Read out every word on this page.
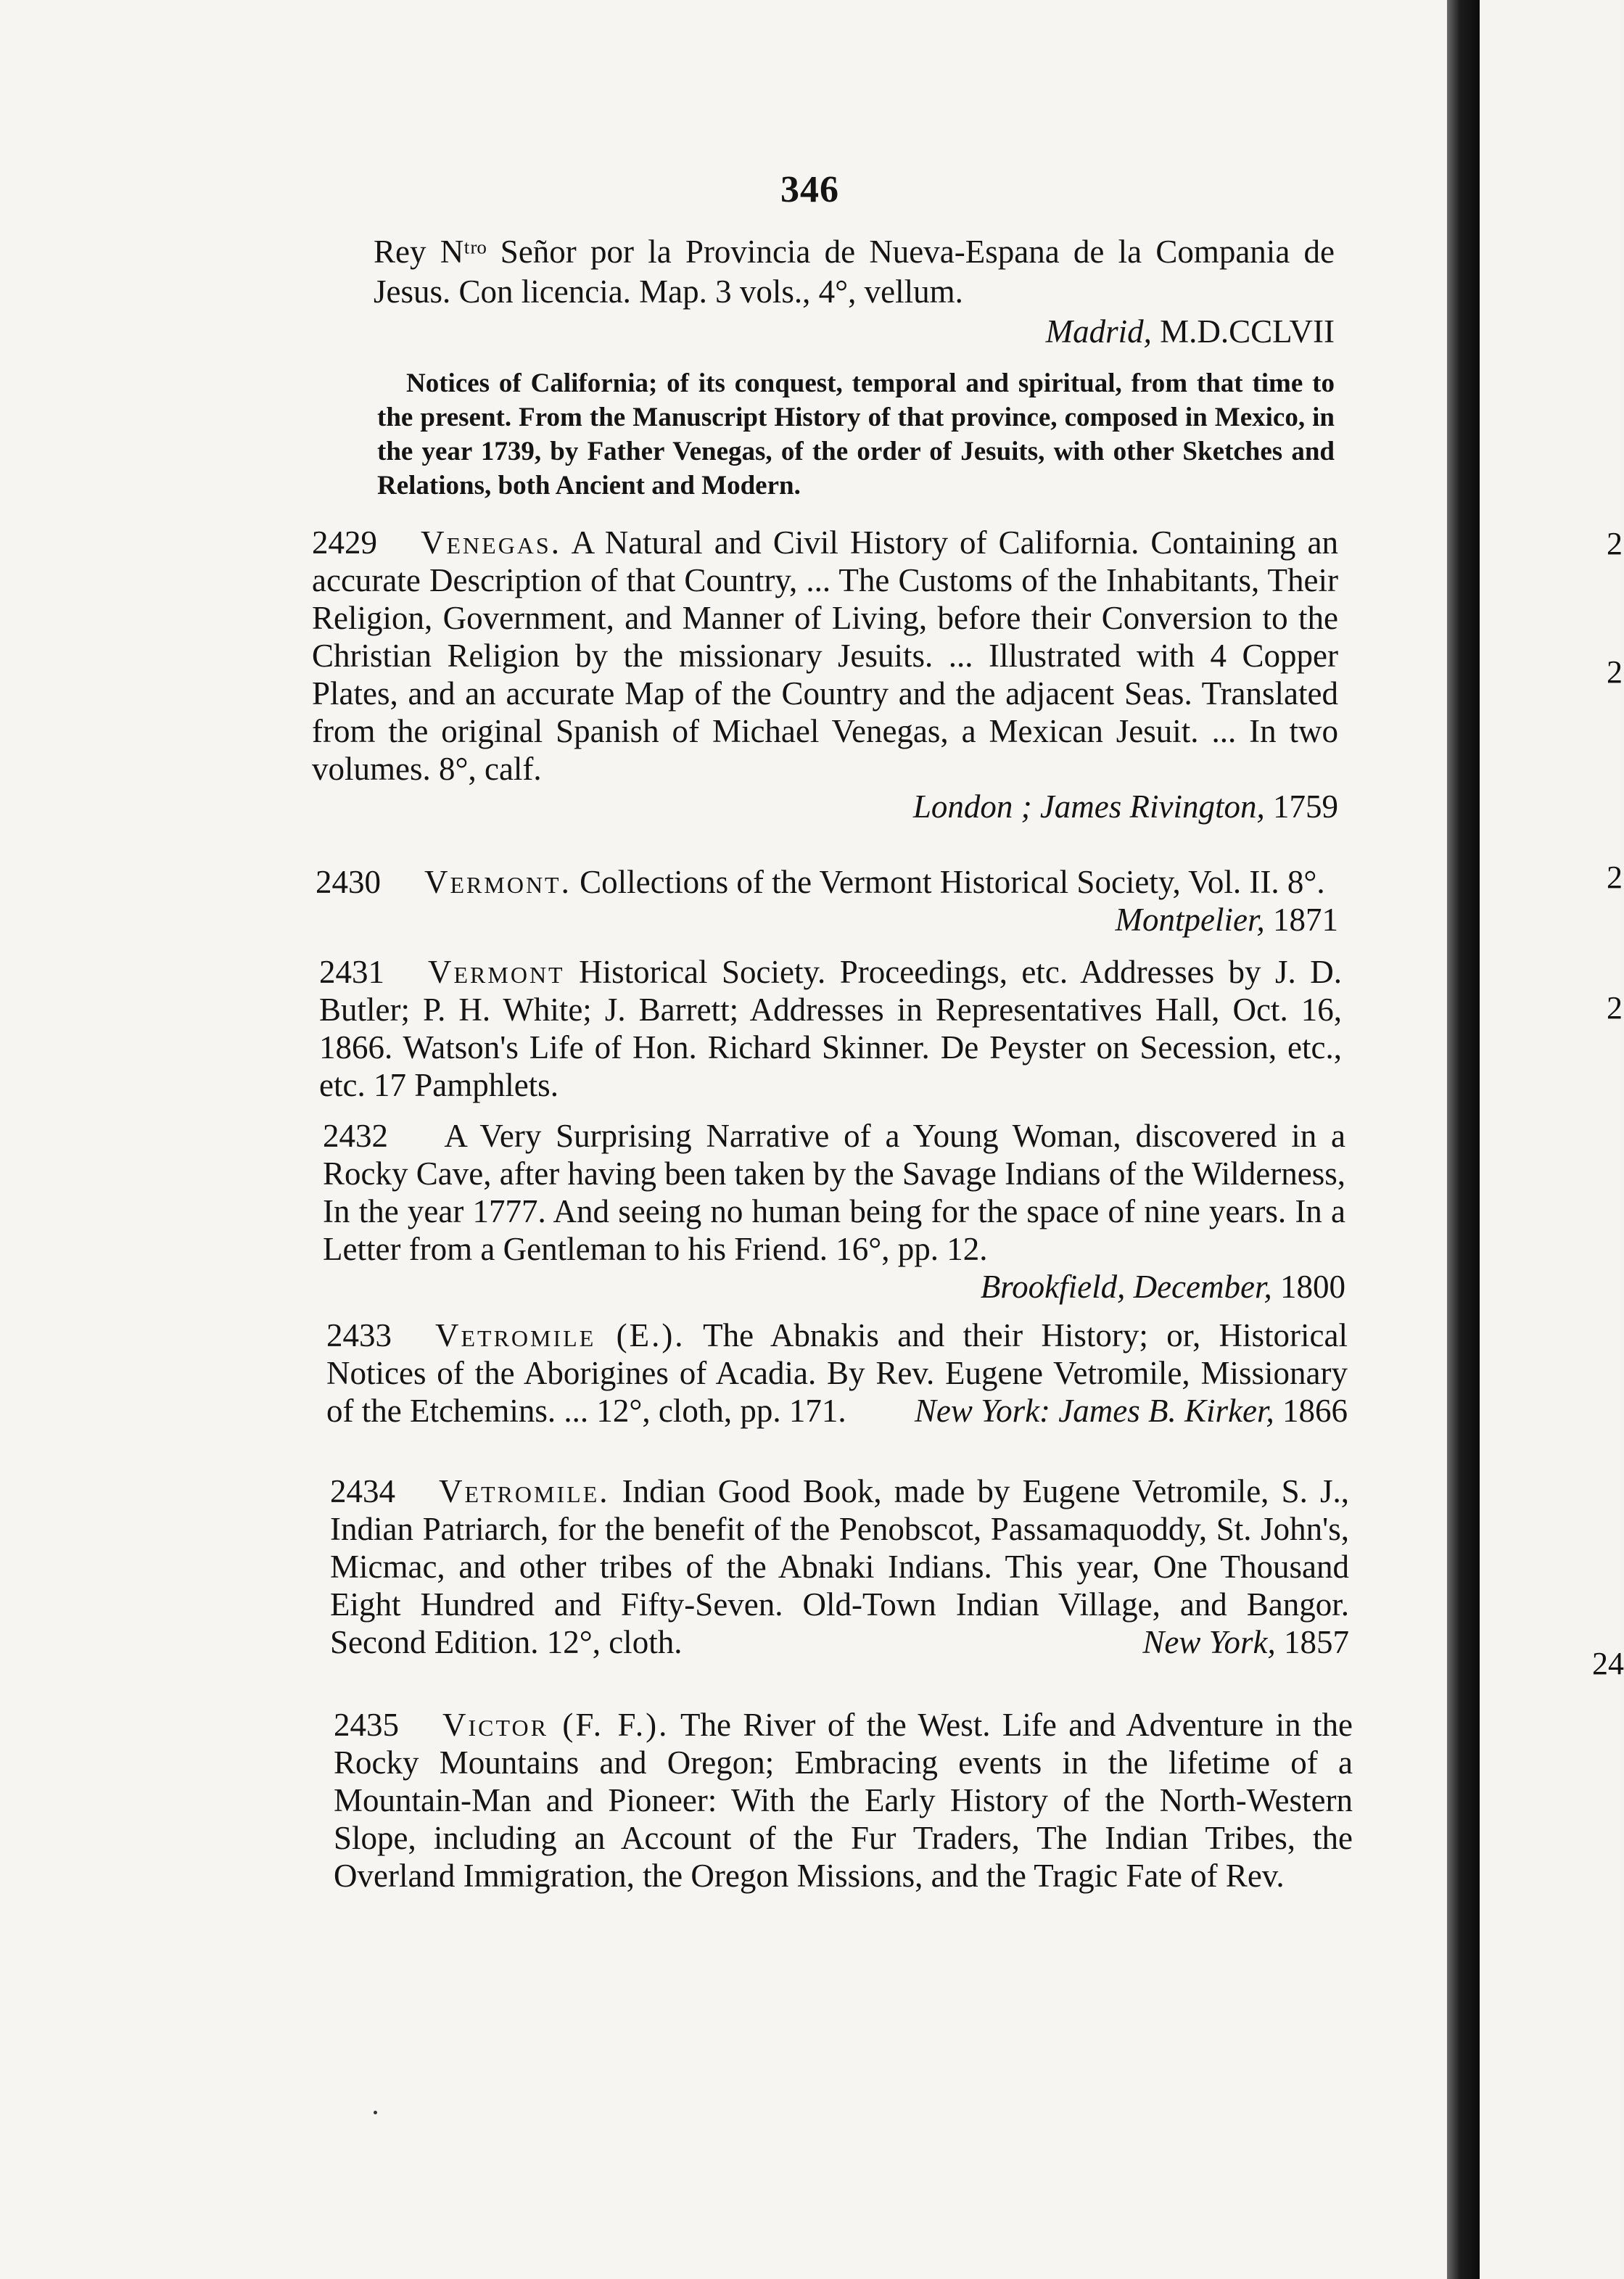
2
2
2
2
24
346
Rey Nᵗʳᵒ Señor por la Provincia de Nueva-Espana de la Compania de Jesus. Con licencia. Map. 3 vols., 4°, vellum.
Madrid, M.D.CCLVII
Notices of California; of its conquest, temporal and spiritual, from that time to the present. From the Manuscript History of that province, composed in Mexico, in the year 1739, by Father Venegas, of the order of Jesuits, with other Sketches and Relations, both Ancient and Modern.
2429 Venegas. A Natural and Civil History of California. Containing an accurate Description of that Country, ... The Customs of the Inhabitants, Their Religion, Government, and Manner of Living, before their Conversion to the Christian Religion by the missionary Jesuits. ... Illustrated with 4 Copper Plates, and an accurate Map of the Country and the adjacent Seas. Translated from the original Spanish of Michael Venegas, a Mexican Jesuit. ... In two volumes. 8°, calf.
London ; James Rivington, 1759
2430 Vermont. Collections of the Vermont Historical Society, Vol. II. 8°.
Montpelier, 1871
2431 Vermont Historical Society. Proceedings, etc. Addresses by J. D. Butler; P. H. White; J. Barrett; Addresses in Representatives Hall, Oct. 16, 1866. Watson's Life of Hon. Richard Skinner. De Peyster on Secession, etc., etc. 17 Pamphlets.
2432 A Very Surprising Narrative of a Young Woman, discovered in a Rocky Cave, after having been taken by the Savage Indians of the Wilderness, In the year 1777. And seeing no human being for the space of nine years. In a Letter from a Gentleman to his Friend. 16°, pp. 12.
Brookfield, December, 1800
2433 Vetromile (E.). The Abnakis and their History; or, Historical Notices of the Aborigines of Acadia. By Rev. Eugene Vetromile, Missionary of the Etchemins. ... 12°, cloth, pp. 171. New York: James B. Kirker, 1866
2434 Vetromile. Indian Good Book, made by Eugene Vetromile, S. J., Indian Patriarch, for the benefit of the Penobscot, Passamaquoddy, St. John's, Micmac, and other tribes of the Abnaki Indians. This year, One Thousand Eight Hundred and Fifty-Seven. Old-Town Indian Village, and Bangor. Second Edition. 12°, cloth.	New York, 1857
2435 Victor (F. F.). The River of the West. Life and Adventure in the Rocky Mountains and Oregon; Embracing events in the lifetime of a Mountain-Man and Pioneer: With the Early History of the North-Western Slope, including an Account of the Fur Traders, The Indian Tribes, the Overland Immigration, the Oregon Missions, and the Tragic Fate of Rev.
